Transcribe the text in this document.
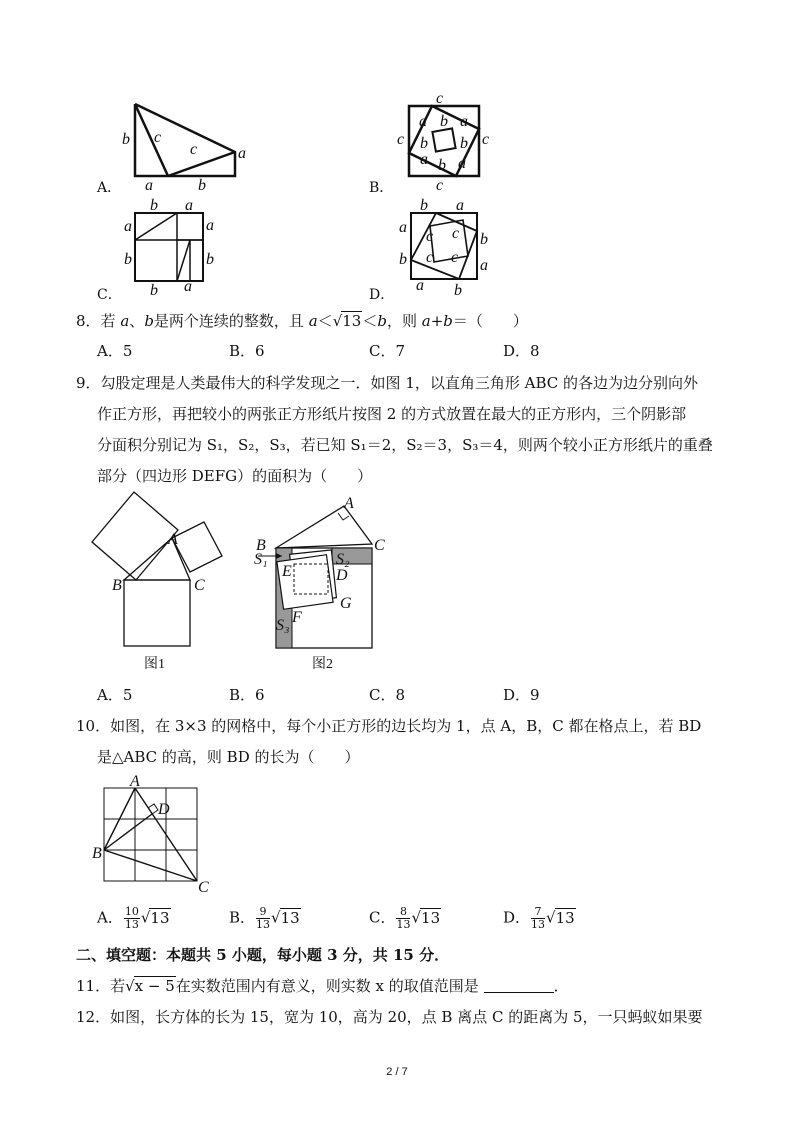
A．
b c
c	a
a	b	B．
c
c	c
c
a b a
b
a
b
b a
C．
b a
a	a
b	b
b a	D．
b a
a
c c
c c
b
b	a
a b
8．若 a、b是两个连续的整数，且 a＜√13＜b，则 a+b＝（　　）
A．5	B．6	C．7	D．8
9．勾股定理是人类最伟大的科学发现之一．如图 1，以直角三角形 ABC 的各边为边分别向外
作正方形，再把较小的两张正方形纸片按图 2 的方式放置在最大的正方形内，三个阴影部
分面积分别记为 S₁，S₂，S₃，若已知 S₁＝2，S₂＝3，S₃＝4，则两个较小正方形纸片的重叠
部分（四边形 DEFG）的面积为（　　）
A
B	C
图1
A
B	C
S₁	S₂
S₃
E	D
F
G
图2
A．5	B．6	C．8	D．9
10．如图，在 3×3 的网格中，每个小正方形的边长均为 1，点 A，B，C 都在格点上，若 BD
是△ABC 的高，则 BD 的长为（　　）
A
D
B
C
A． $\frac{10}{13} √13$	B． $\frac{9}{13} √13$	C． $\frac{8}{13} √13$	D． $\frac{7}{13} √13$
二、填空题：本题共 5 小题，每小题 3 分，共 15 分．
11．若√x − 5在实数范围内有意义，则实数 x 的取值范围是	．
12．如图，长方体的长为 15，宽为 10，高为 20，点 B 离点 C 的距离为 5，一只蚂蚁如果要
2 / 7
